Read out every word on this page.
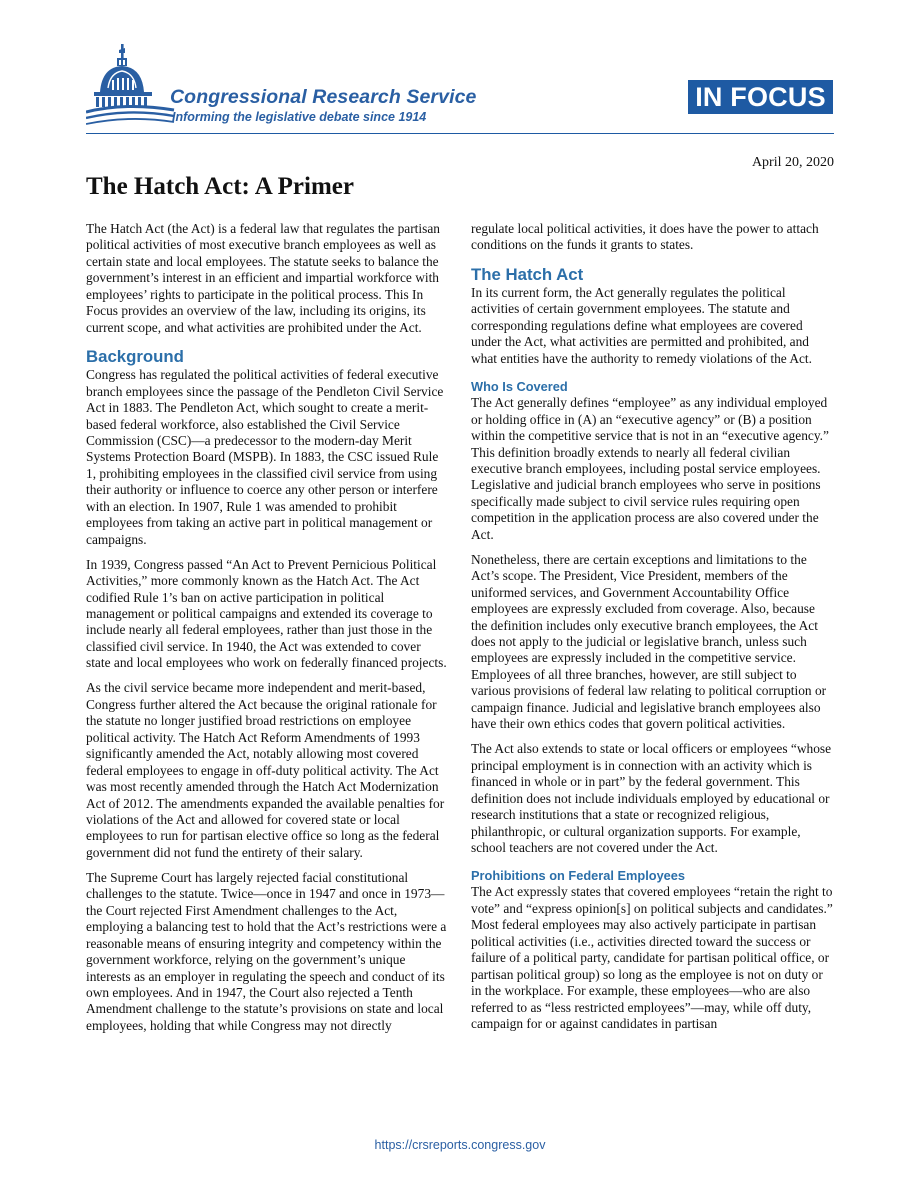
Congressional Research Service
Informing the legislative debate since 1914
IN FOCUS
April 20, 2020
The Hatch Act: A Primer

The Hatch Act (the Act) is a federal law that regulates the partisan political activities of most executive branch employees as well as certain state and local employees. The statute seeks to balance the government’s interest in an efficient and impartial workforce with employees’ rights to participate in the political process. This In Focus provides an overview of the law, including its origins, its current scope, and what activities are prohibited under the Act.

Background

Congress has regulated the political activities of federal executive branch employees since the passage of the Pendleton Civil Service Act in 1883. The Pendleton Act, which sought to create a merit-based federal workforce, also established the Civil Service Commission (CSC)—a predecessor to the modern-day Merit Systems Protection Board (MSPB). In 1883, the CSC issued Rule 1, prohibiting employees in the classified civil service from using their authority or influence to coerce any other person or interfere with an election. In 1907, Rule 1 was amended to prohibit employees from taking an active part in political management or campaigns.

In 1939, Congress passed “An Act to Prevent Pernicious Political Activities,” more commonly known as the Hatch Act. The Act codified Rule 1’s ban on active participation in political management or political campaigns and extended its coverage to include nearly all federal employees, rather than just those in the classified civil service. In 1940, the Act was extended to cover state and local employees who work on federally financed projects.

As the civil service became more independent and merit-based, Congress further altered the Act because the original rationale for the statute no longer justified broad restrictions on employee political activity. The Hatch Act Reform Amendments of 1993 significantly amended the Act, notably allowing most covered federal employees to engage in off-duty political activity. The Act was most recently amended through the Hatch Act Modernization Act of 2012. The amendments expanded the available penalties for violations of the Act and allowed for covered state or local employees to run for partisan elective office so long as the federal government did not fund the entirety of their salary.

The Supreme Court has largely rejected facial constitutional challenges to the statute. Twice—once in 1947 and once in 1973—the Court rejected First Amendment challenges to the Act, employing a balancing test to hold that the Act’s restrictions were a reasonable means of ensuring integrity and competency within the government workforce, relying on the government’s unique interests as an employer in regulating the speech and conduct of its own employees. And in 1947, the Court also rejected a Tenth Amendment challenge to the statute’s provisions on state and local employees, holding that while Congress may not directly

regulate local political activities, it does have the power to attach conditions on the funds it grants to states.

The Hatch Act

In its current form, the Act generally regulates the political activities of certain government employees. The statute and corresponding regulations define what employees are covered under the Act, what activities are permitted and prohibited, and what entities have the authority to remedy violations of the Act.

Who Is Covered

The Act generally defines “employee” as any individual employed or holding office in (A) an “executive agency” or (B) a position within the competitive service that is not in an “executive agency.” This definition broadly extends to nearly all federal civilian executive branch employees, including postal service employees. Legislative and judicial branch employees who serve in positions specifically made subject to civil service rules requiring open competition in the application process are also covered under the Act.

Nonetheless, there are certain exceptions and limitations to the Act’s scope. The President, Vice President, members of the uniformed services, and Government Accountability Office employees are expressly excluded from coverage. Also, because the definition includes only executive branch employees, the Act does not apply to the judicial or legislative branch, unless such employees are expressly included in the competitive service. Employees of all three branches, however, are still subject to various provisions of federal law relating to political corruption or campaign finance. Judicial and legislative branch employees also have their own ethics codes that govern political activities.

The Act also extends to state or local officers or employees “whose principal employment is in connection with an activity which is financed in whole or in part” by the federal government. This definition does not include individuals employed by educational or research institutions that a state or recognized religious, philanthropic, or cultural organization supports. For example, school teachers are not covered under the Act.

Prohibitions on Federal Employees

The Act expressly states that covered employees “retain the right to vote” and “express opinion[s] on political subjects and candidates.” Most federal employees may also actively participate in partisan political activities (i.e., activities directed toward the success or failure of a political party, candidate for partisan political office, or partisan political group) so long as the employee is not on duty or in the workplace. For example, these employees—who are also referred to as “less restricted employees”—may, while off duty, campaign for or against candidates in partisan

https://crsreports.congress.gov
